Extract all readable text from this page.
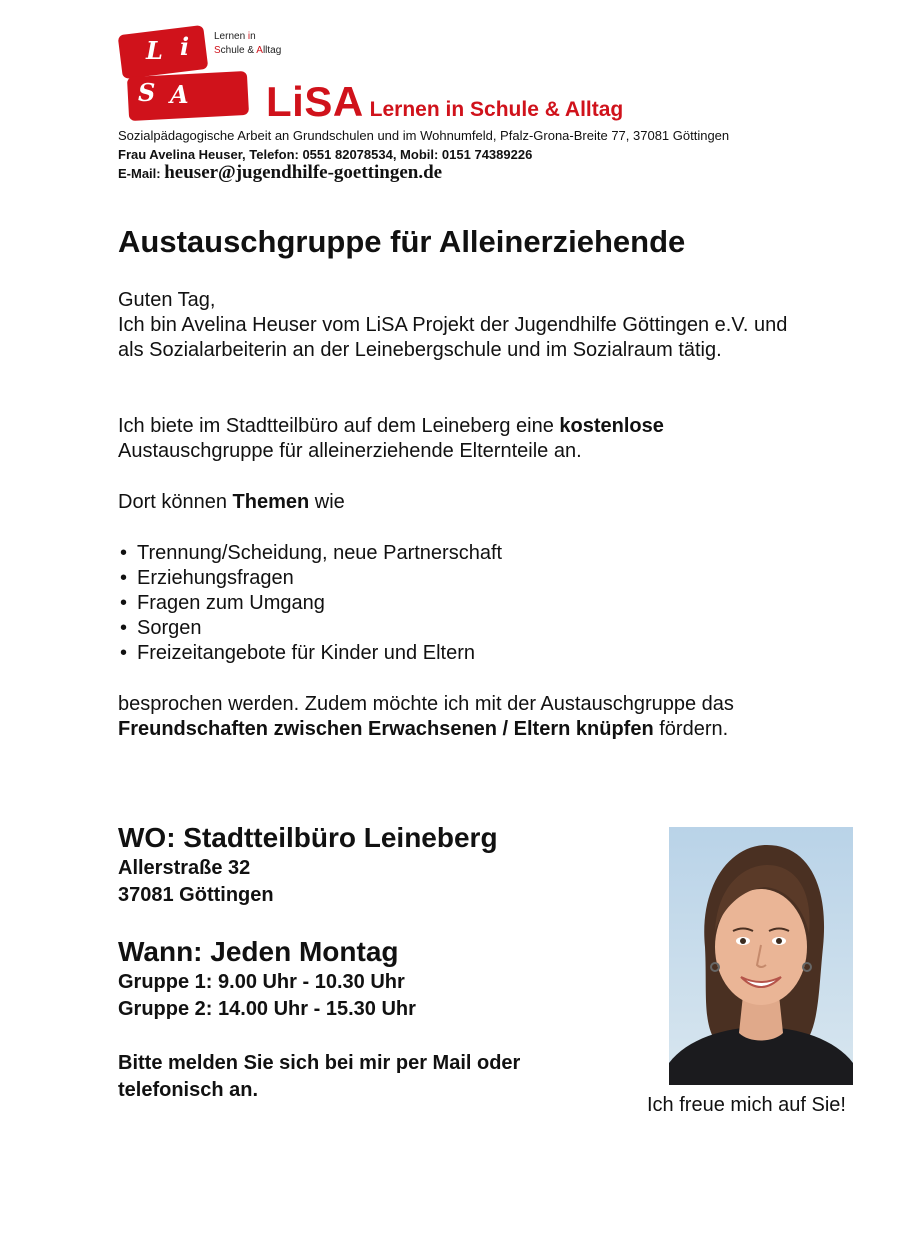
L i
S A
Lernen in
Schule & Alltag
LiSA Lernen in Schule & Alltag
Sozialpädagogische Arbeit an Grundschulen und im Wohnumfeld, Pfalz-Grona-Breite 77, 37081 Göttingen
Frau Avelina Heuser, Telefon: 0551 82078534, Mobil: 0151 74389226
E-Mail: heuser@jugendhilfe-goettingen.de
Austauschgruppe für Alleinerziehende
Guten Tag,
Ich bin Avelina Heuser vom LiSA Projekt der Jugendhilfe Göttingen e.V. und als Sozialarbeiterin an der Leinebergschule und im Sozialraum tätig.
Ich biete im Stadtteilbüro auf dem Leineberg eine kostenlose Austauschgruppe für alleinerziehende Elternteile an.
Dort können Themen wie
• Trennung/Scheidung, neue Partnerschaft
• Erziehungsfragen
• Fragen zum Umgang
• Sorgen
• Freizeitangebote für Kinder und Eltern
besprochen werden. Zudem möchte ich mit der Austauschgruppe das Freundschaften zwischen Erwachsenen / Eltern knüpfen fördern.
WO: Stadtteilbüro Leineberg
Allerstraße 32
37081 Göttingen
Wann: Jeden Montag
Gruppe 1: 9.00 Uhr - 10.30 Uhr
Gruppe 2: 14.00 Uhr - 15.30 Uhr
Bitte melden Sie sich bei mir per Mail oder
telefonisch an.
Ich freue mich auf Sie!
